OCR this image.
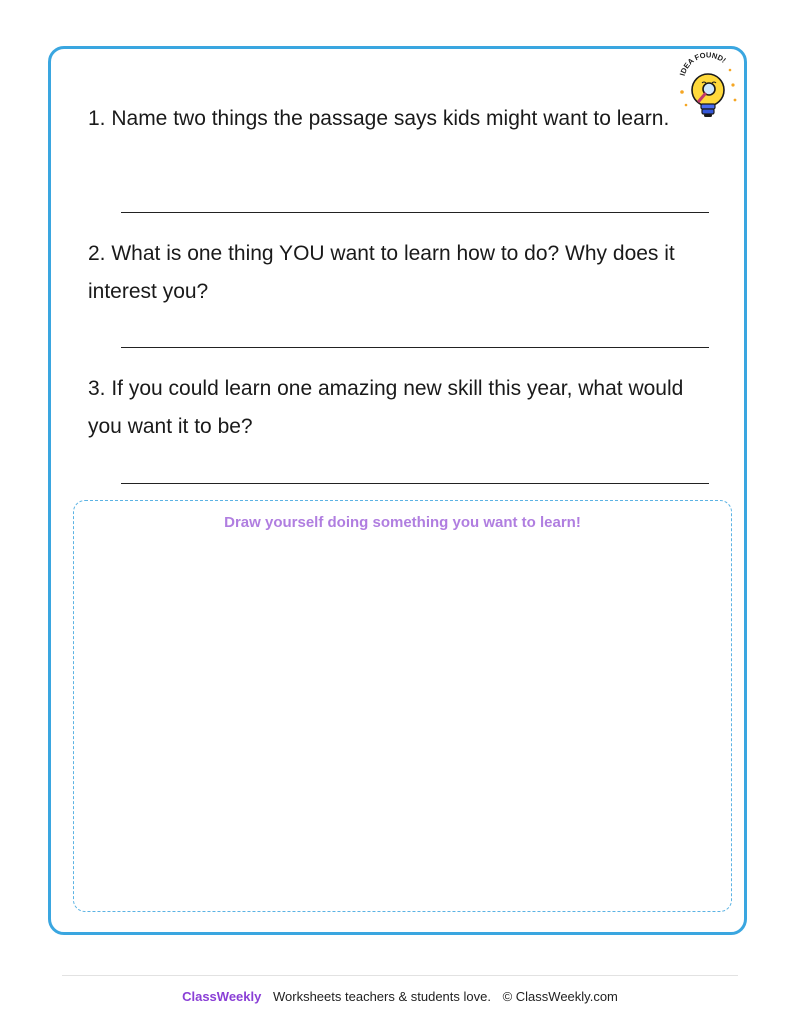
IDEA FOUND!

1. Name two things the passage says kids might want to learn.

2. What is one thing YOU want to learn how to do? Why does it interest you?

3. If you could learn one amazing new skill this year, what would you want it to be?

Draw yourself doing something you want to learn!
ClassWeekly Worksheets teachers & students love. © ClassWeekly.com
